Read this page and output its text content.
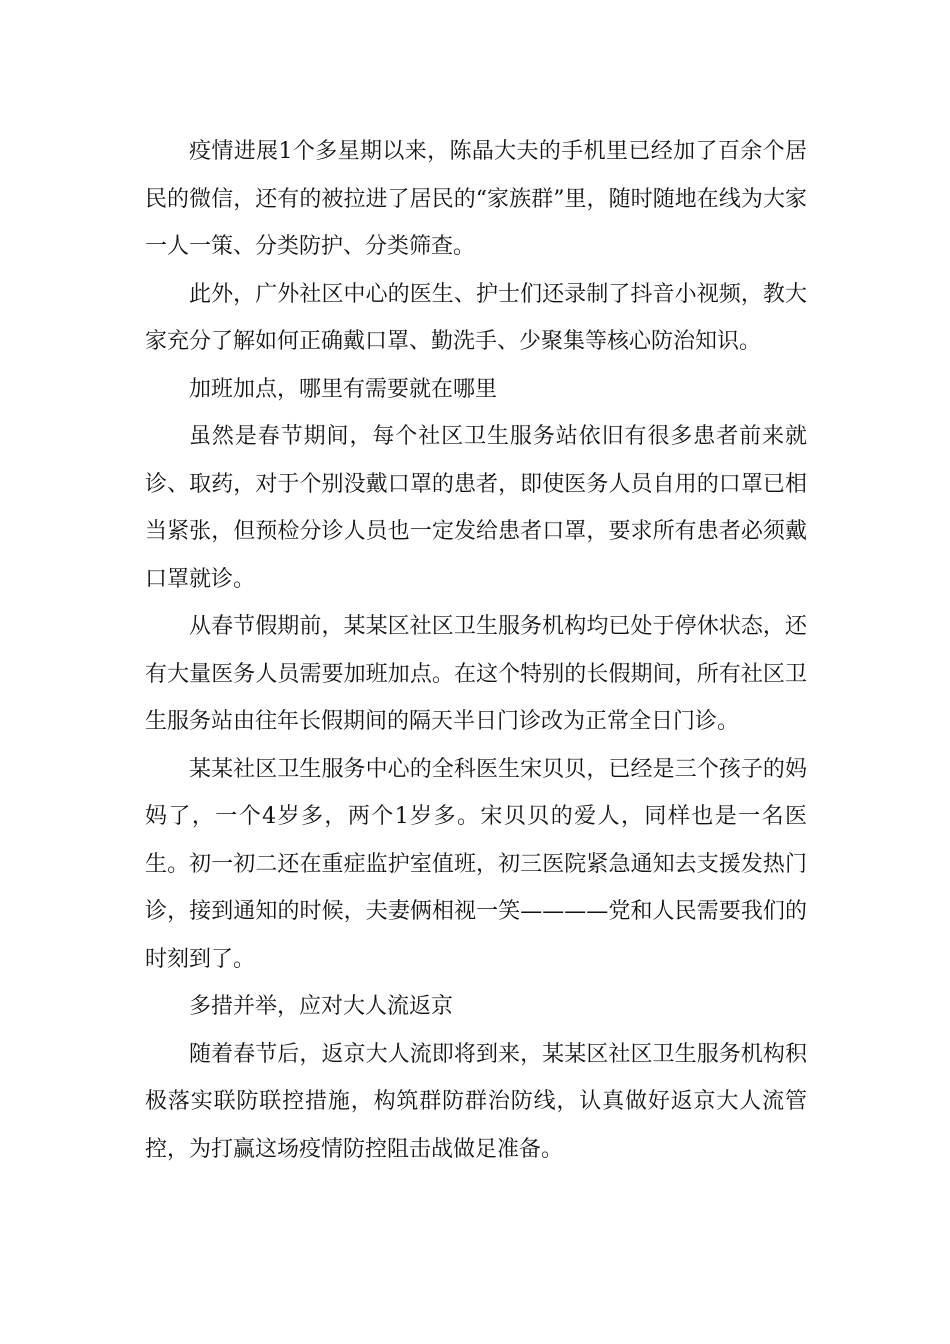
疫情进展1个多星期以来，陈晶大夫的手机里已经加了百余个居民的微信，还有的被拉进了居民的“家族群”里，随时随地在线为大家一人一策、分类防护、分类筛查。

此外，广外社区中心的医生、护士们还录制了抖音小视频，教大家充分了解如何正确戴口罩、勤洗手、少聚集等核心防治知识。

加班加点，哪里有需要就在哪里

虽然是春节期间，每个社区卫生服务站依旧有很多患者前来就诊、取药，对于个别没戴口罩的患者，即使医务人员自用的口罩已相当紧张，但预检分诊人员也一定发给患者口罩，要求所有患者必须戴口罩就诊。

从春节假期前，某某区社区卫生服务机构均已处于停休状态，还有大量医务人员需要加班加点。在这个特别的长假期间，所有社区卫生服务站由往年长假期间的隔天半日门诊改为正常全日门诊。

某某社区卫生服务中心的全科医生宋贝贝，已经是三个孩子的妈妈了，一个4岁多，两个1岁多。宋贝贝的爱人，同样也是一名医生。初一初二还在重症监护室值班，初三医院紧急通知去支援发热门诊，接到通知的时候，夫妻俩相视一笑————党和人民需要我们的时刻到了。

多措并举，应对大人流返京

随着春节后，返京大人流即将到来，某某区社区卫生服务机构积极落实联防联控措施，构筑群防群治防线，认真做好返京大人流管控，为打赢这场疫情防控阻击战做足准备。
